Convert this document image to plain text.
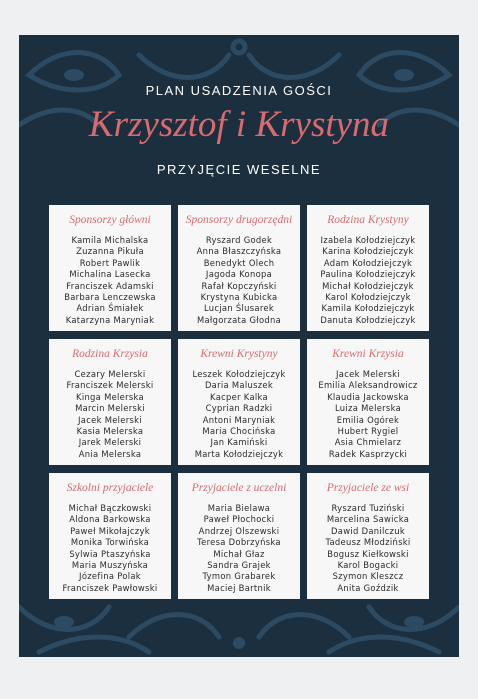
PLAN USADZENIA GOŚCI
Krzysztof i Krystyna
PRZYJĘCIE WESELNE
Sponsorzy główni
Kamila Michalska
Zuzanna Pikuła
Robert Pawlik
Michalina Lasecka
Franciszek Adamski
Barbara Lenczewska
Adrian Śmiałek
Katarzyna Maryniak
Sponsorzy drugorzędni
Ryszard Godek
Anna Błaszczyńska
Benedykt Olech
Jagoda Konopa
Rafał Kopczyński
Krystyna Kubicka
Lucjan Ślusarek
Małgorzata Głodna
Rodzina Krystyny
Izabela Kołodziejczyk
Karina Kołodziejczyk
Adam Kołodziejczyk
Paulina Kołodziejczyk
Michał Kołodziejczyk
Karol Kołodziejczyk
Kamila Kołodziejczyk
Danuta Kołodziejczyk
Rodzina Krzysia
Cezary Melerski
Franciszek Melerski
Kinga Melerska
Marcin Melerski
Jacek Melerski
Kasia Melerska
Jarek Melerski
Ania Melerska
Krewni Krystyny
Leszek Kołodziejczyk
Daria Maluszek
Kacper Kalka
Cyprian Radzki
Antoni Maryniak
Maria Chocińska
Jan Kamiński
Marta Kołodziejczyk
Krewni Krzysia
Jacek Melerski
Emilia Aleksandrowicz
Klaudia Jackowska
Luiza Melerska
Emilia Ogórek
Hubert Rygiel
Asia Chmielarz
Radek Kasprzycki
Szkolni przyjaciele
Michał Bączkowski
Aldona Barkowska
Paweł Mikołajczyk
Monika Torwińska
Sylwia Ptaszyńska
Maria Muszyńska
Józefina Polak
Franciszek Pawłowski
Przyjaciele z uczelni
Maria Bielawa
Paweł Płochocki
Andrzej Olszewski
Teresa Dobrzyńska
Michał Głaz
Sandra Grajek
Tymon Grabarek
Maciej Bartnik
Przyjaciele ze wsi
Ryszard Tuziński
Marcelina Sawicka
Dawid Danilczuk
Tadeusz Młodziński
Bogusz Kiełkowski
Karol Bogacki
Szymon Kleszcz
Anita Goździk
